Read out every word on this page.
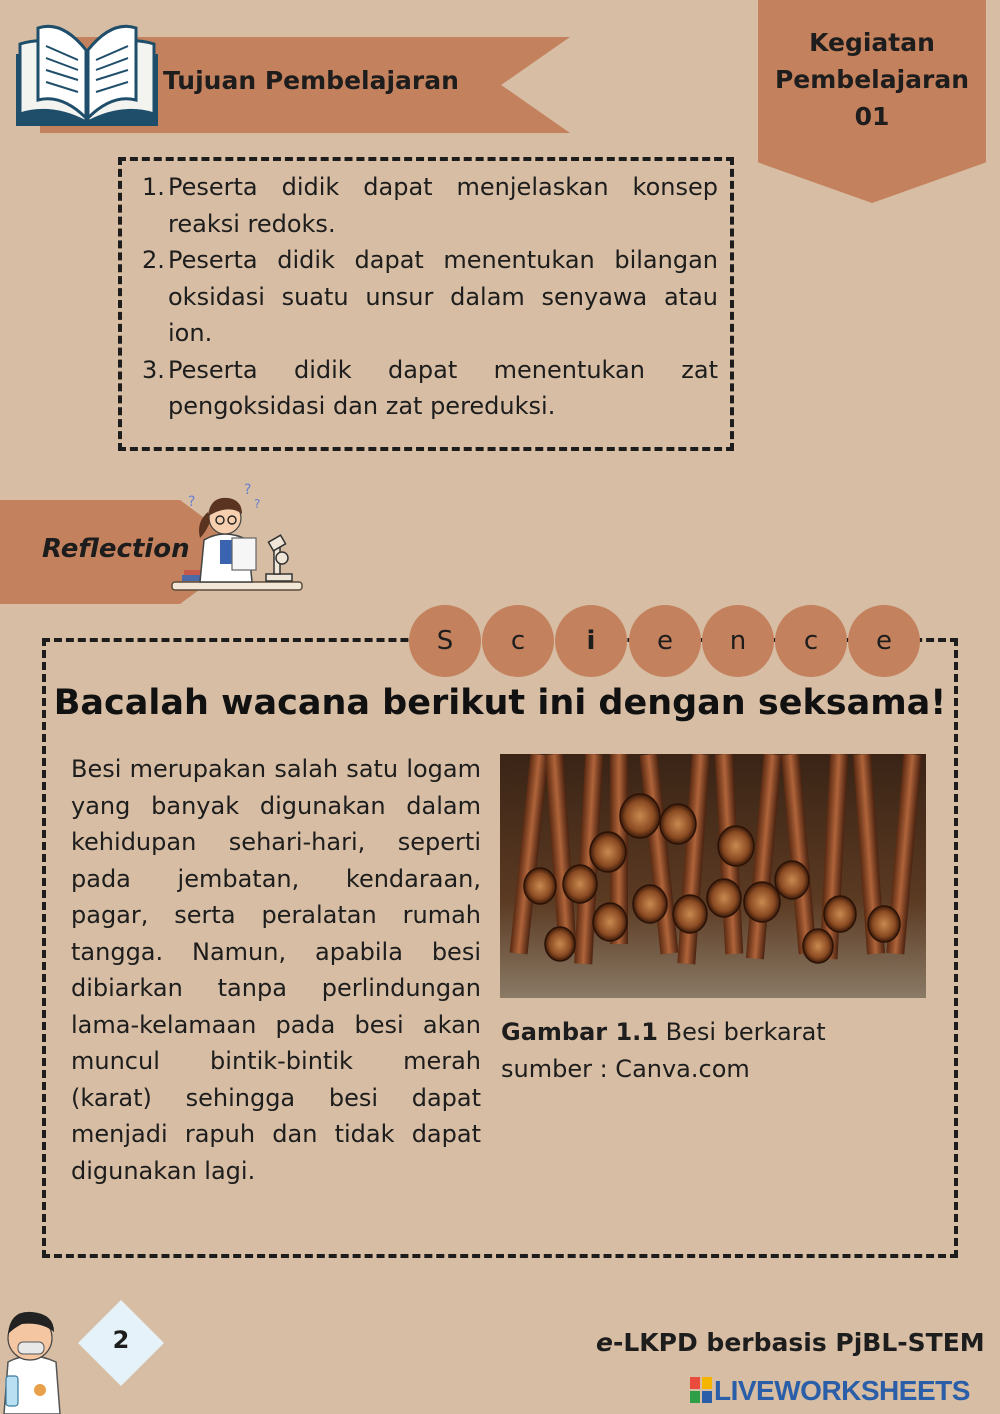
Tujuan Pembelajaran
Kegiatan
Pembelajaran
01
1. Peserta didik dapat menjelaskan konsep reaksi redoks.
2. Peserta didik dapat menentukan bilangan oksidasi suatu unsur dalam senyawa atau ion.
3. Peserta didik dapat menentukan zat pengoksidasi dan zat pereduksi.
Reflection
?
?
?
S	c	i	e	n	c	e
Bacalah wacana berikut ini dengan seksama!
Besi merupakan salah satu logam yang banyak digunakan dalam kehidupan sehari-hari, seperti pada jembatan, kendaraan, pagar, serta peralatan rumah tangga. Namun, apabila besi dibiarkan tanpa perlindungan lama-kelamaan pada besi akan muncul bintik-bintik merah (karat) sehingga besi dapat menjadi rapuh dan tidak dapat digunakan lagi.
Gambar 1.1 Besi berkarat
sumber : Canva.com
2	e-LKPD berbasis PjBL-STEM
LIVEWORKSHEETS
